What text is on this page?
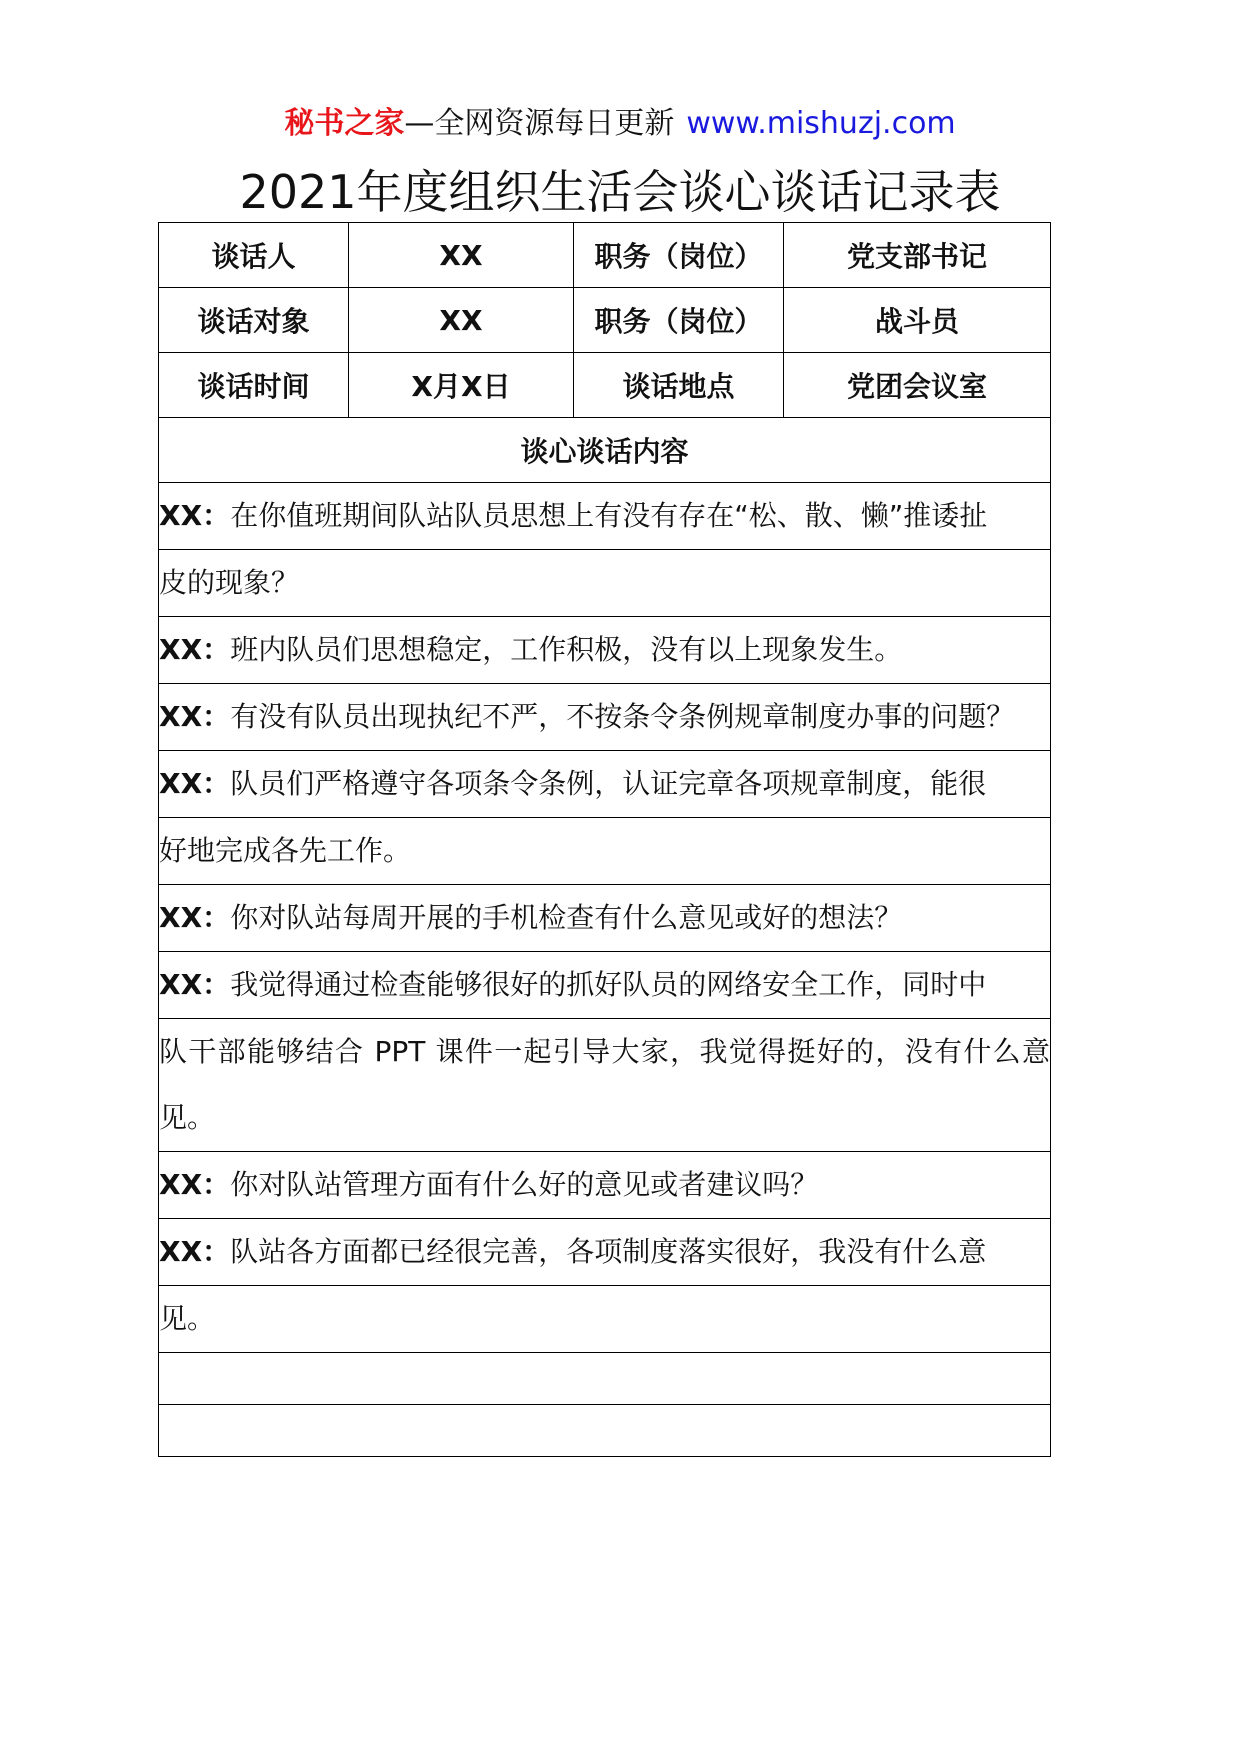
秘书之家—全网资源每日更新 www.mishuzj.com
2021年度组织生活会谈心谈话记录表
谈话人	XX	职务（岗位）	党支部书记
谈话对象	XX	职务（岗位）	战斗员
谈话时间	X月X日	谈话地点	党团会议室
谈心谈话内容			
XX：在你值班期间队站队员思想上有没有存在“松、散、懒”推诿扯			
皮的现象？			
XX：班内队员们思想稳定，工作积极，没有以上现象发生。			
XX：有没有队员出现执纪不严，不按条令条例规章制度办事的问题？			
XX：队员们严格遵守各项条令条例，认证完章各项规章制度，能很			
好地完成各先工作。			
XX：你对队站每周开展的手机检查有什么意见或好的想法？			
XX：我觉得通过检查能够很好的抓好队员的网络安全工作，同时中			
队干部能够结合 PPT 课件一起引导大家，我觉得挺好的，没有什么意见。			
XX：你对队站管理方面有什么好的意见或者建议吗？			
XX：队站各方面都已经很完善，各项制度落实很好，我没有什么意			
见。			
